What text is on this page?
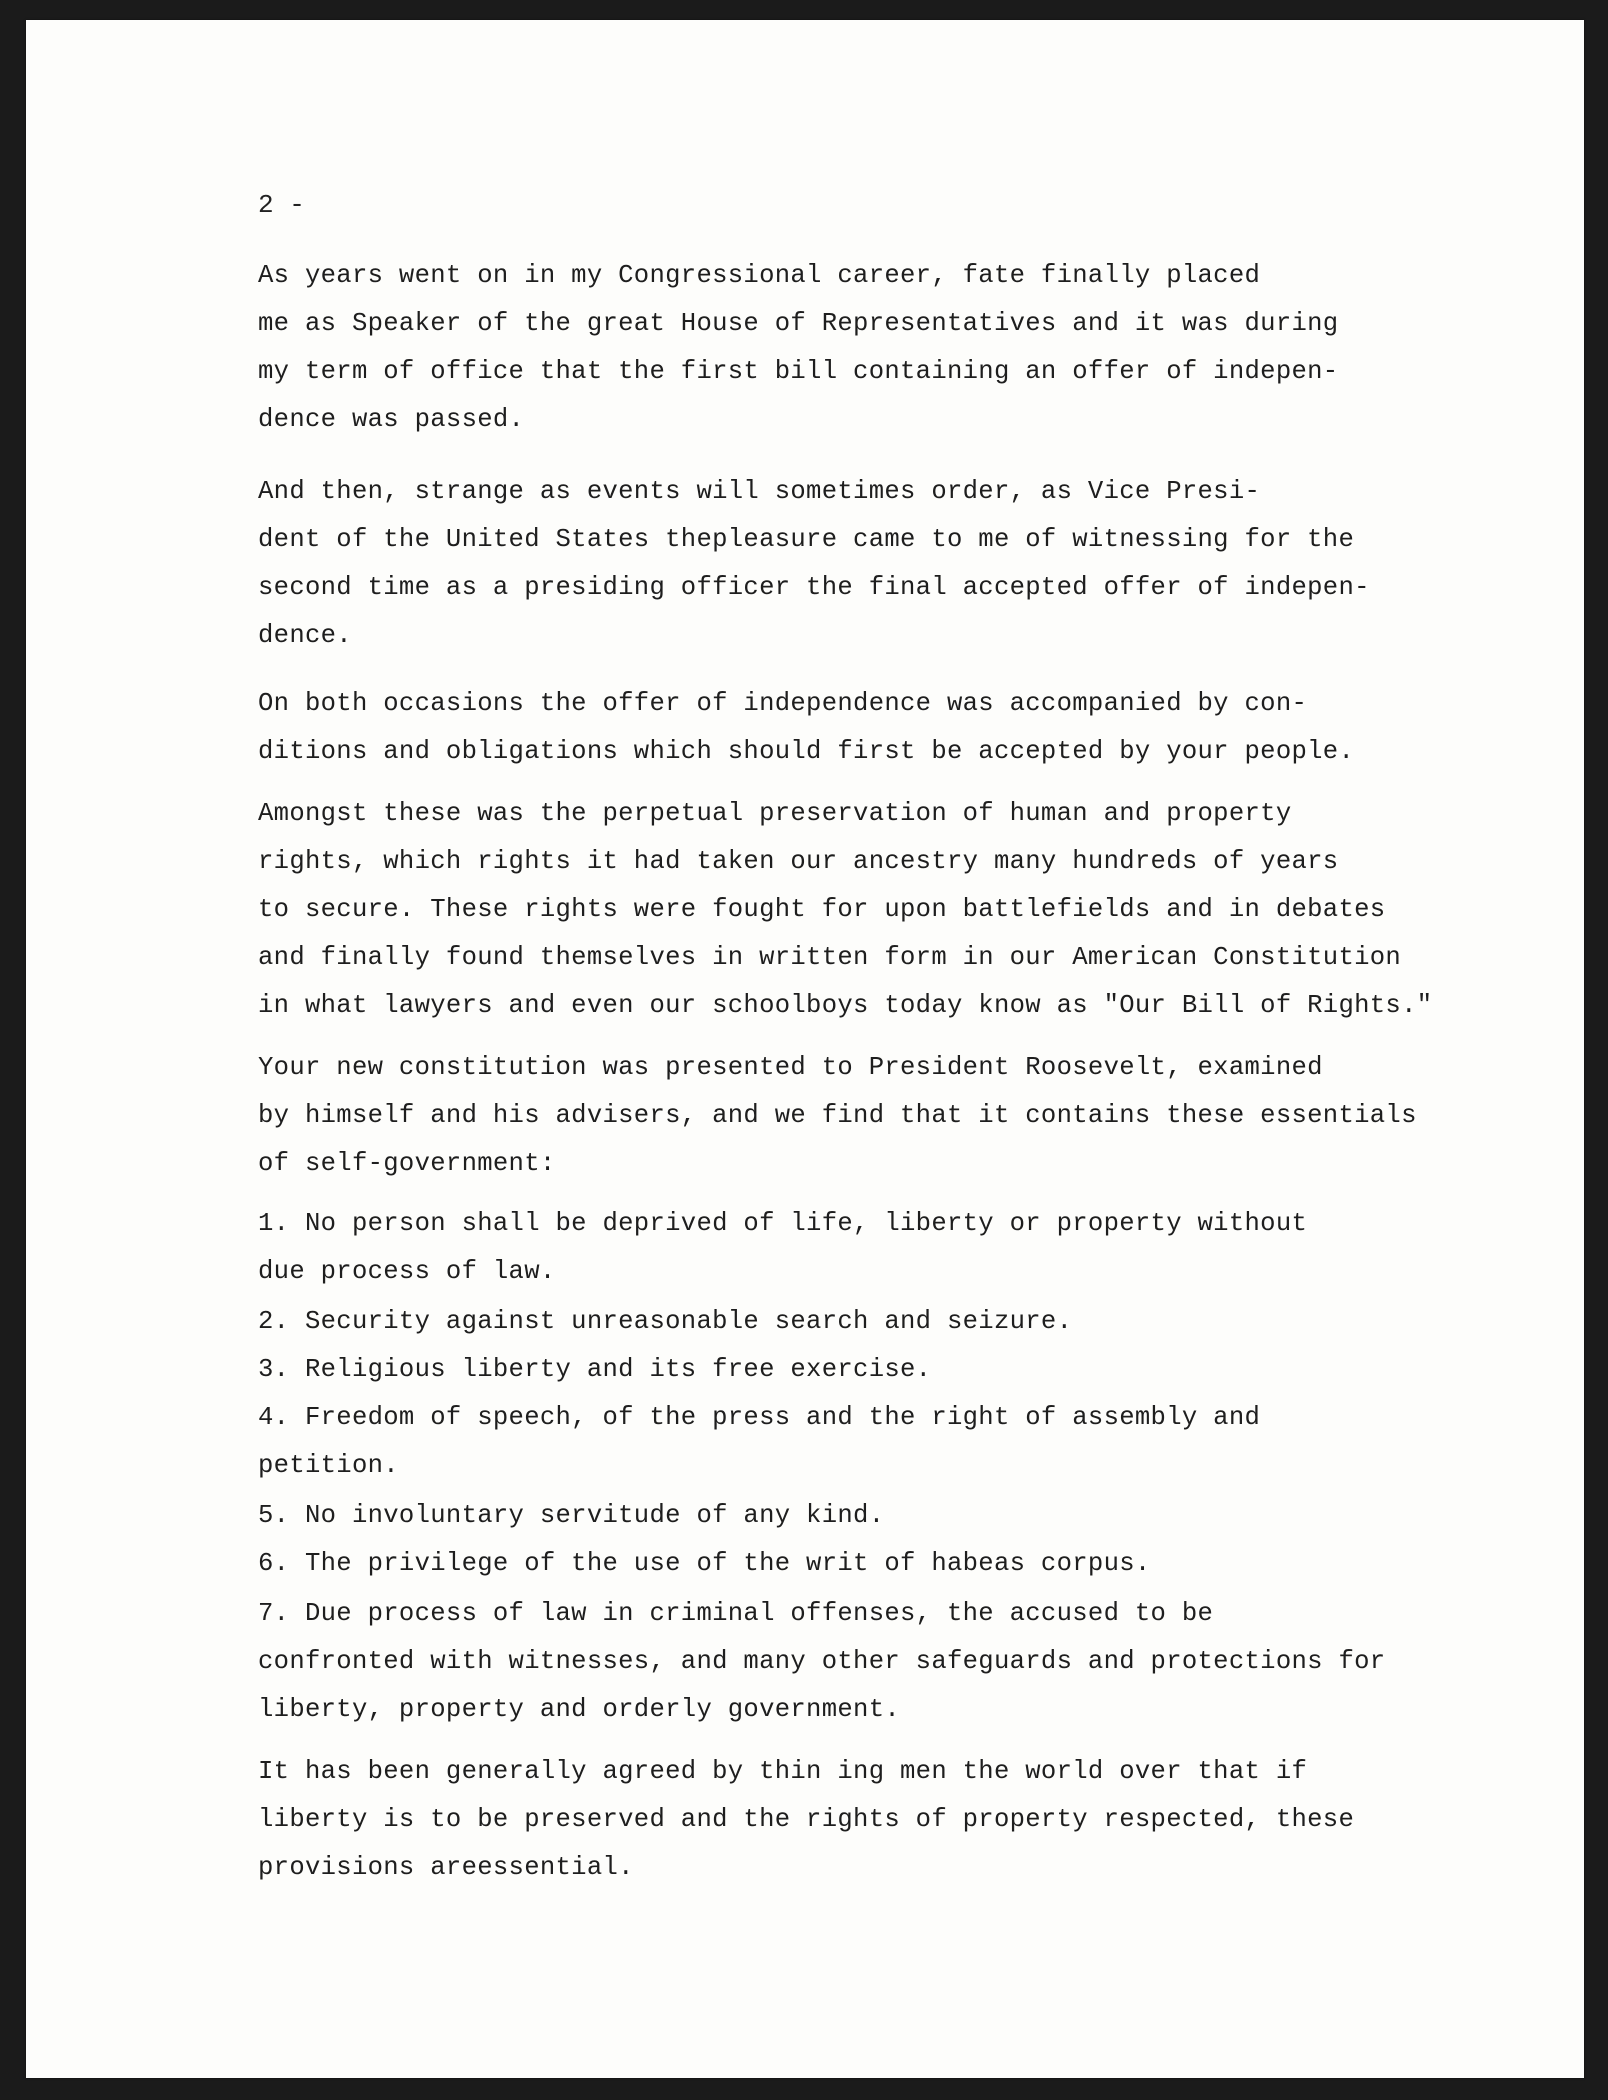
2 -

As years went on in my Congressional career, fate finally placed
me as Speaker of the great House of Representatives and it was during
my term of office that the first bill containing an offer of indepen-
dence was passed.

And then, strange as events will sometimes order, as Vice Presi-
dent of the United States thepleasure came to me of witnessing for the
second time as a presiding officer the final accepted offer of indepen-
dence.

On both occasions the offer of independence was accompanied by con-
ditions and obligations which should first be accepted by your people.

Amongst these was the perpetual preservation of human and property
rights, which rights it had taken our ancestry many hundreds of years
to secure. These rights were fought for upon battlefields and in debates
and finally found themselves in written form in our American Constitution
in what lawyers and even our schoolboys today know as "Our Bill of Rights."

Your new constitution was presented to President Roosevelt, examined
by himself and his advisers, and we find that it contains these essentials
of self-government:

1. No person shall be deprived of life, liberty or property without
due process of law.

2. Security against unreasonable search and seizure.

3. Religious liberty and its free exercise.

4. Freedom of speech, of the press and the right of assembly and
petition.

5. No involuntary servitude of any kind.

6. The privilege of the use of the writ of habeas corpus.

7. Due process of law in criminal offenses, the accused to be
confronted with witnesses, and many other safeguards and protections for
liberty, property and orderly government.

It has been generally agreed by thin ing men the world over that if
liberty is to be preserved and the rights of property respected, these
provisions areessential.
